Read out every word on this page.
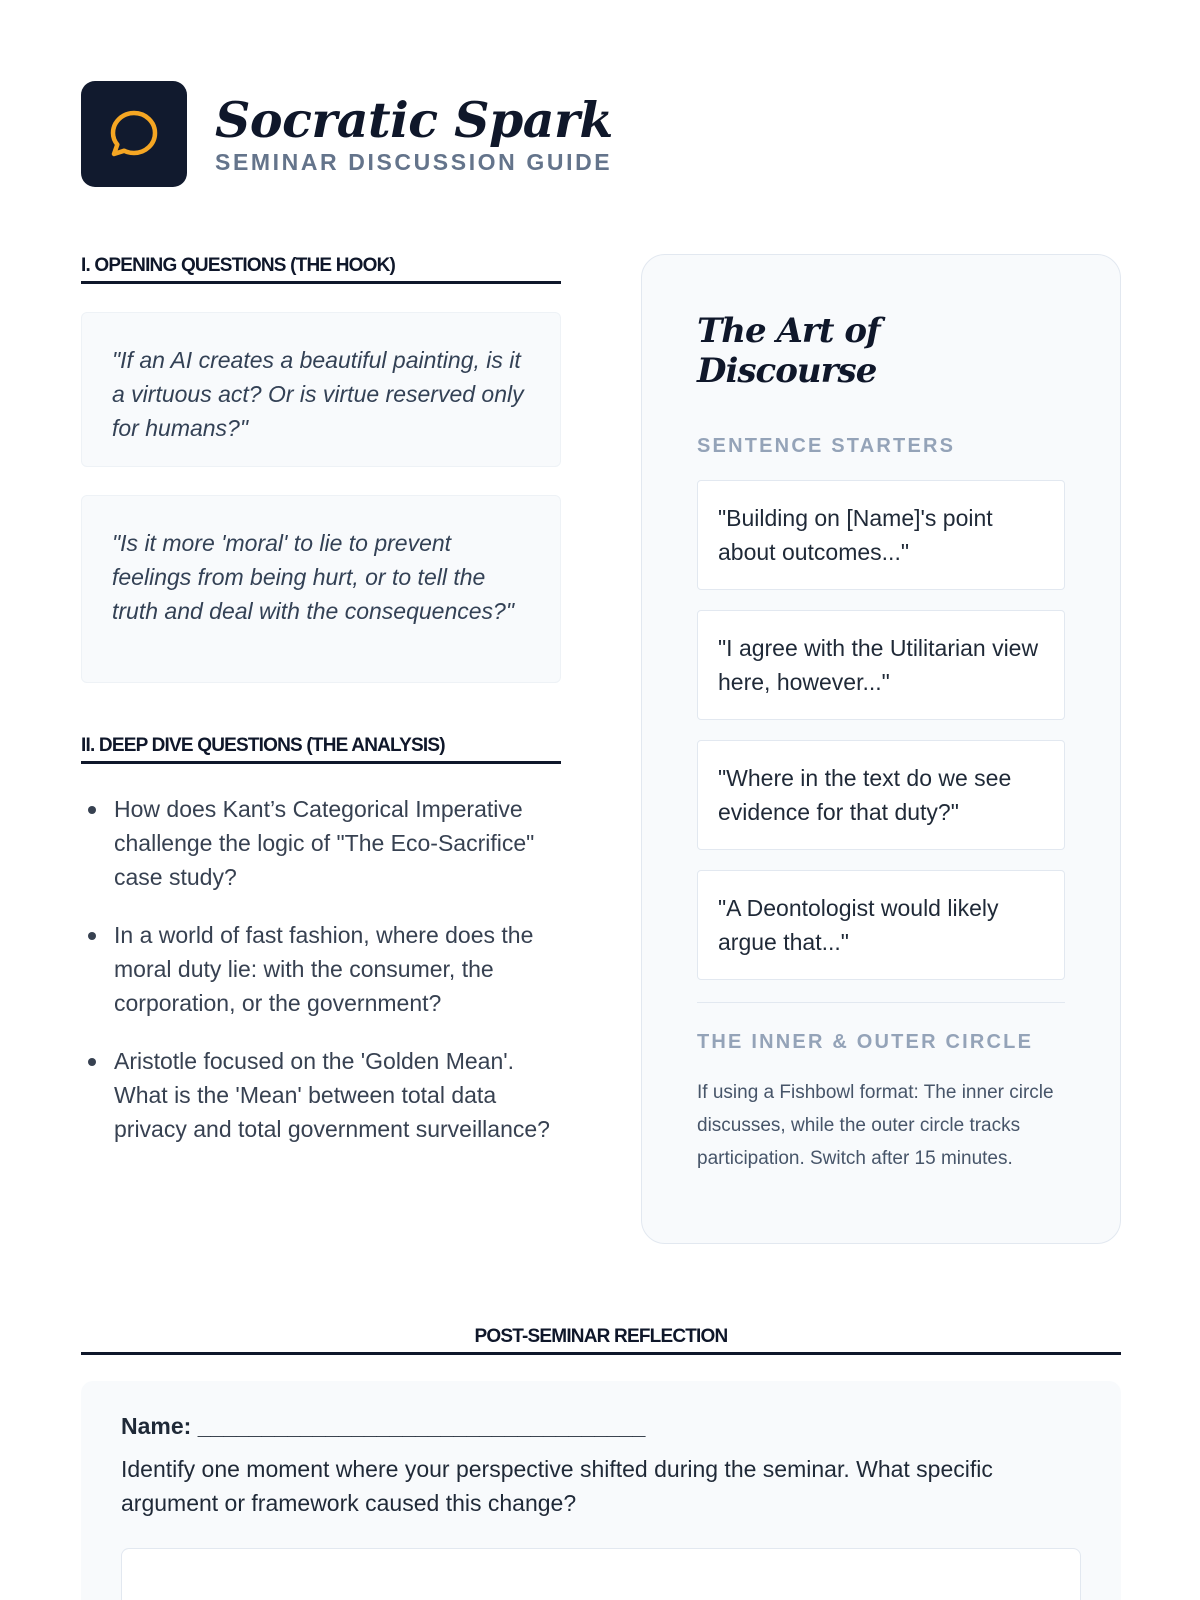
Socratic Spark
SEMINAR DISCUSSION GUIDE
I. OPENING QUESTIONS (THE HOOK)
"If an AI creates a beautiful painting, is it a virtuous act? Or is virtue reserved only for humans?"
"Is it more 'moral' to lie to prevent feelings from being hurt, or to tell the truth and deal with the consequences?"
II. DEEP DIVE QUESTIONS (THE ANALYSIS)
How does Kant’s Categorical Imperative challenge the logic of "The Eco-Sacrifice" case study?
In a world of fast fashion, where does the moral duty lie: with the consumer, the corporation, or the government?
Aristotle focused on the 'Golden Mean'. What is the 'Mean' between total data privacy and total government surveillance?
The Art of Discourse
SENTENCE STARTERS
"Building on [Name]'s point about outcomes..."
"I agree with the Utilitarian view here, however..."
"Where in the text do we see evidence for that duty?"
"A Deontologist would likely argue that..."
THE INNER & OUTER CIRCLE
If using a Fishbowl format: The inner circle discusses, while the outer circle tracks participation. Switch after 15 minutes.
POST-SEMINAR REFLECTION
Name: ___________________________________
Identify one moment where your perspective shifted during the seminar. What specific argument or framework caused this change?
